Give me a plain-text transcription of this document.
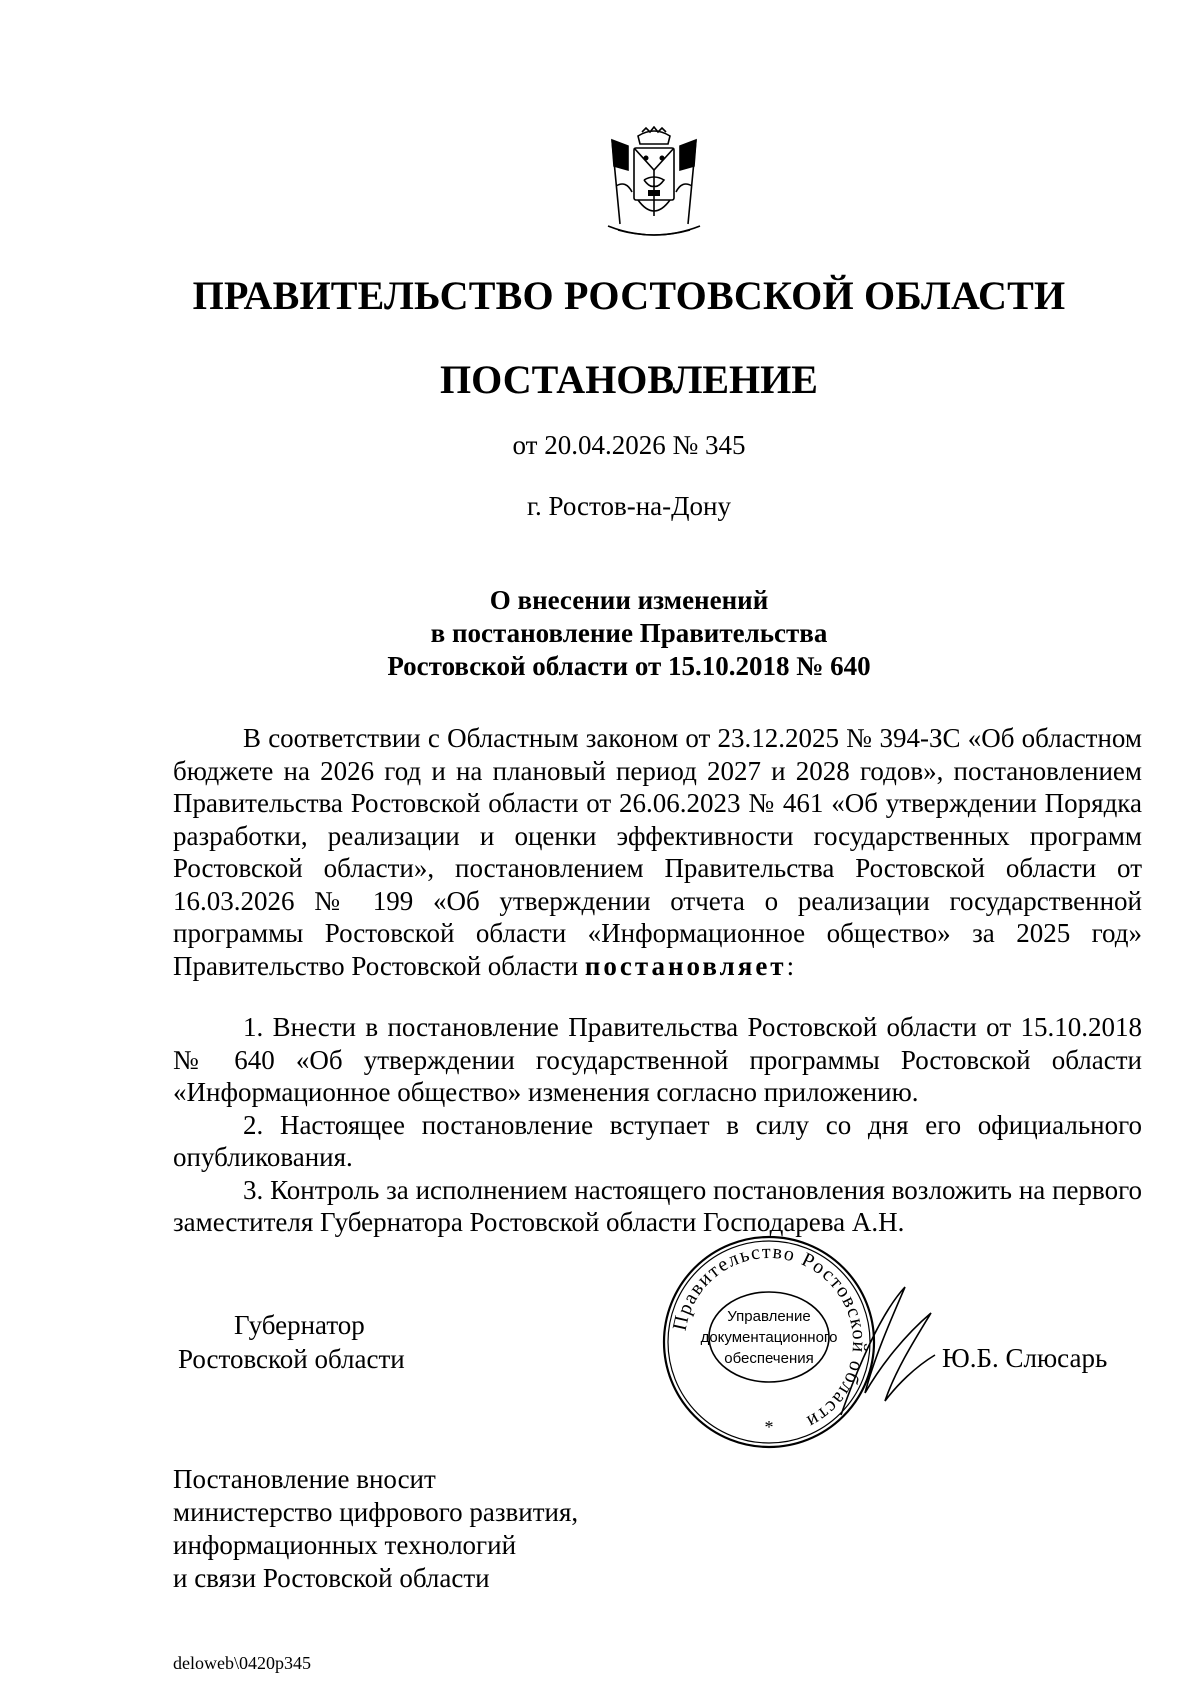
ПРАВИТЕЛЬСТВО РОСТОВСКОЙ ОБЛАСТИ
ПОСТАНОВЛЕНИЕ
от 20.04.2026 № 345
г. Ростов-на-Дону
О внесении изменений
в постановление Правительства
Ростовской области от 15.10.2018 № 640
В соответствии с Областным законом от 23.12.2025 № 394-ЗС «Об областном бюджете на 2026 год и на плановый период 2027 и 2028 годов», постановлением Правительства Ростовской области от 26.06.2023 № 461 «Об утверждении Порядка разработки, реализации и оценки эффективности государственных программ Ростовской области», постановлением Правительства Ростовской области от 16.03.2026 № 199 «Об утверждении отчета о реализации государственной программы Ростовской области «Информационное общество» за 2025 год» Правительство Ростовской области постановляет:
1. Внести в постановление Правительства Ростовской области от 15.10.2018 № 640 «Об утверждении государственной программы Ростовской области «Информационное общество» изменения согласно приложению.
2. Настоящее постановление вступает в силу со дня его официального опубликования.
3. Контроль за исполнением настоящего постановления возложить на первого заместителя Губернатора Ростовской области Господарева А.Н.
Губернатор
Ростовской области
Правительство Ростовской области
Управление
документационного
обеспечения
*
Ю.Б. Слюсарь
Постановление вносит
министерство цифрового развития,
информационных технологий
и связи Ростовской области
deloweb\0420p345
